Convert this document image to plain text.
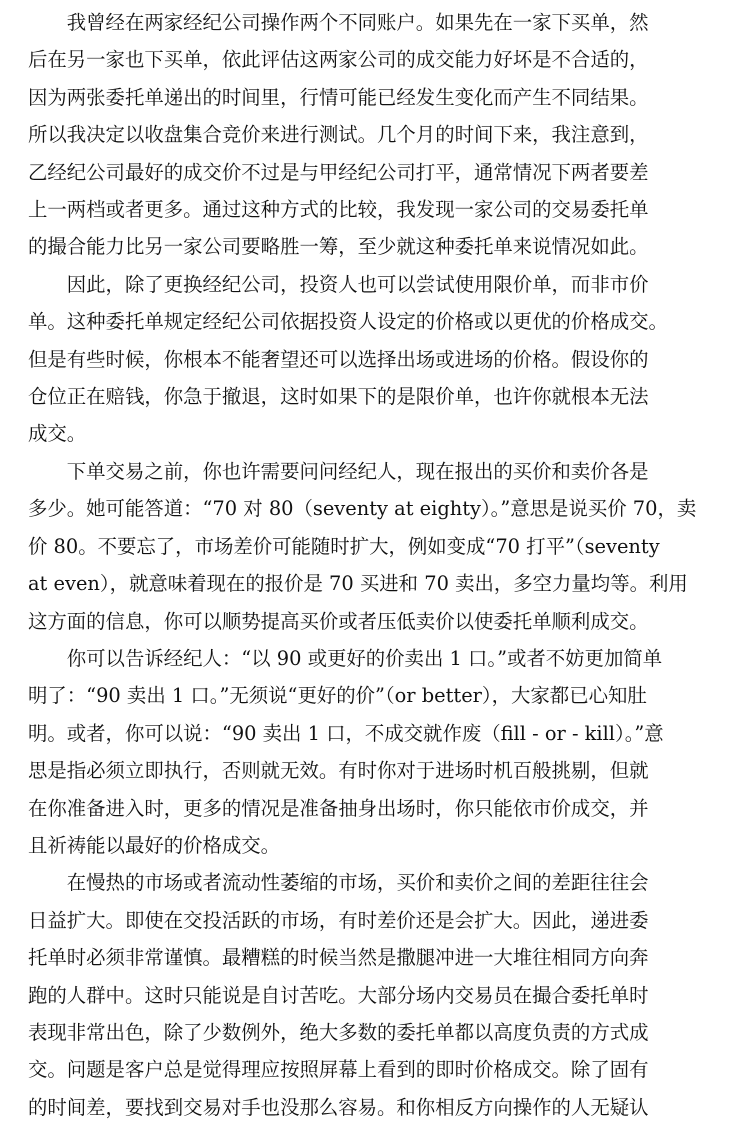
　　我曾经在两家经纪公司操作两个不同账户。如果先在一家下买单，然
后在另一家也下买单，依此评估这两家公司的成交能力好坏是不合适的，
因为两张委托单递出的时间里，行情可能已经发生变化而产生不同结果。
所以我决定以收盘集合竞价来进行测试。几个月的时间下来，我注意到，
乙经纪公司最好的成交价不过是与甲经纪公司打平，通常情况下两者要差
上一两档或者更多。通过这种方式的比较，我发现一家公司的交易委托单
的撮合能力比另一家公司要略胜一筹，至少就这种委托单来说情况如此。

　　因此，除了更换经纪公司，投资人也可以尝试使用限价单，而非市价
单。这种委托单规定经纪公司依据投资人设定的价格或以更优的价格成交。
但是有些时候，你根本不能奢望还可以选择出场或进场的价格。假设你的
仓位正在赔钱，你急于撤退，这时如果下的是限价单，也许你就根本无法
成交。

　　下单交易之前，你也许需要问问经纪人，现在报出的买价和卖价各是
多少。她可能答道：“70 对 80（seventy at eighty）。”意思是说买价 70，卖
价 80。不要忘了，市场差价可能随时扩大，例如变成“70 打平”（seventy
at even），就意味着现在的报价是 70 买进和 70 卖出，多空力量均等。利用
这方面的信息，你可以顺势提高买价或者压低卖价以使委托单顺利成交。

　　你可以告诉经纪人：“以 90 或更好的价卖出 1 口。”或者不妨更加简单
明了：“90 卖出 1 口。”无须说“更好的价”（or better），大家都已心知肚
明。或者，你可以说：“90 卖出 1 口，不成交就作废（fill - or - kill）。”意
思是指必须立即执行，否则就无效。有时你对于进场时机百般挑剔，但就
在你准备进入时，更多的情况是准备抽身出场时，你只能依市价成交，并
且祈祷能以最好的价格成交。

　　在慢热的市场或者流动性萎缩的市场，买价和卖价之间的差距往往会
日益扩大。即使在交投活跃的市场，有时差价还是会扩大。因此，递进委
托单时必须非常谨慎。最糟糕的时候当然是撒腿冲进一大堆往相同方向奔
跑的人群中。这时只能说是自讨苦吃。大部分场内交易员在撮合委托单时
表现非常出色，除了少数例外，绝大多数的委托单都以高度负责的方式成
交。问题是客户总是觉得理应按照屏幕上看到的即时价格成交。除了固有
的时间差，要找到交易对手也没那么容易。和你相反方向操作的人无疑认
